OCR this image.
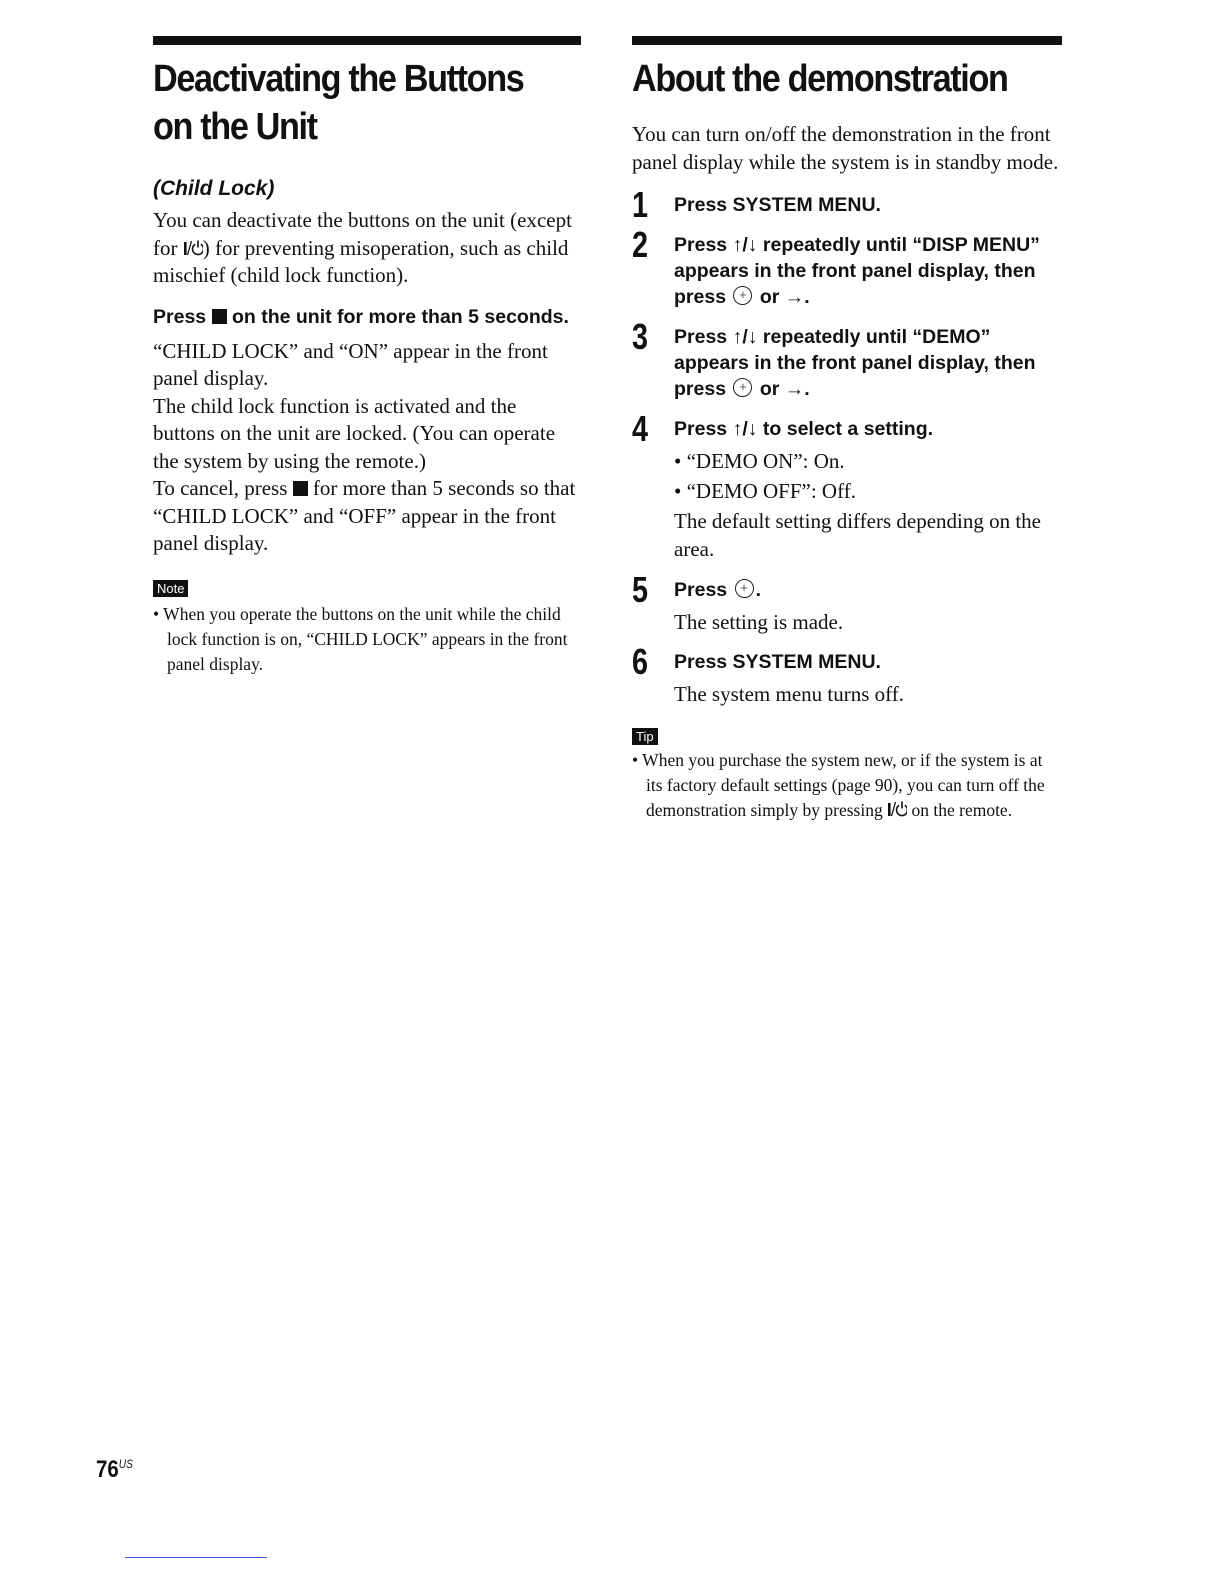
Deactivating the Buttons
on the Unit
(Child Lock)
You can deactivate the buttons on the unit (except for ) for preventing misoperation, such as child mischief (child lock function).
Press  on the unit for more than 5 seconds.
“CHILD LOCK” and “ON” appear in the front panel display.
The child lock function is activated and the buttons on the unit are locked. (You can operate the system by using the remote.)
To cancel, press  for more than 5 seconds so that “CHILD LOCK” and “OFF” appear in the front panel display.
Note
• When you operate the buttons on the unit while the child lock function is on, “CHILD LOCK” appears in the front panel display.
About the demonstration
You can turn on/off the demonstration in the front panel display while the system is in standby mode.
1 Press SYSTEM MENU.
2 Press ↑/↓ repeatedly until “DISP MENU” appears in the front panel display, then press + or →.
3 Press ↑/↓ repeatedly until “DEMO” appears in the front panel display, then press + or →.
4 Press ↑/↓ to select a setting.
• “DEMO ON”: On.
• “DEMO OFF”: Off.
The default setting differs depending on the area.
5 Press +.
The setting is made.
6 Press SYSTEM MENU.
The system menu turns off.
Tip
• When you purchase the system new, or if the system is at its factory default settings (page 90), you can turn off the demonstration simply by pressing  on the remote.
$76^{US}$
